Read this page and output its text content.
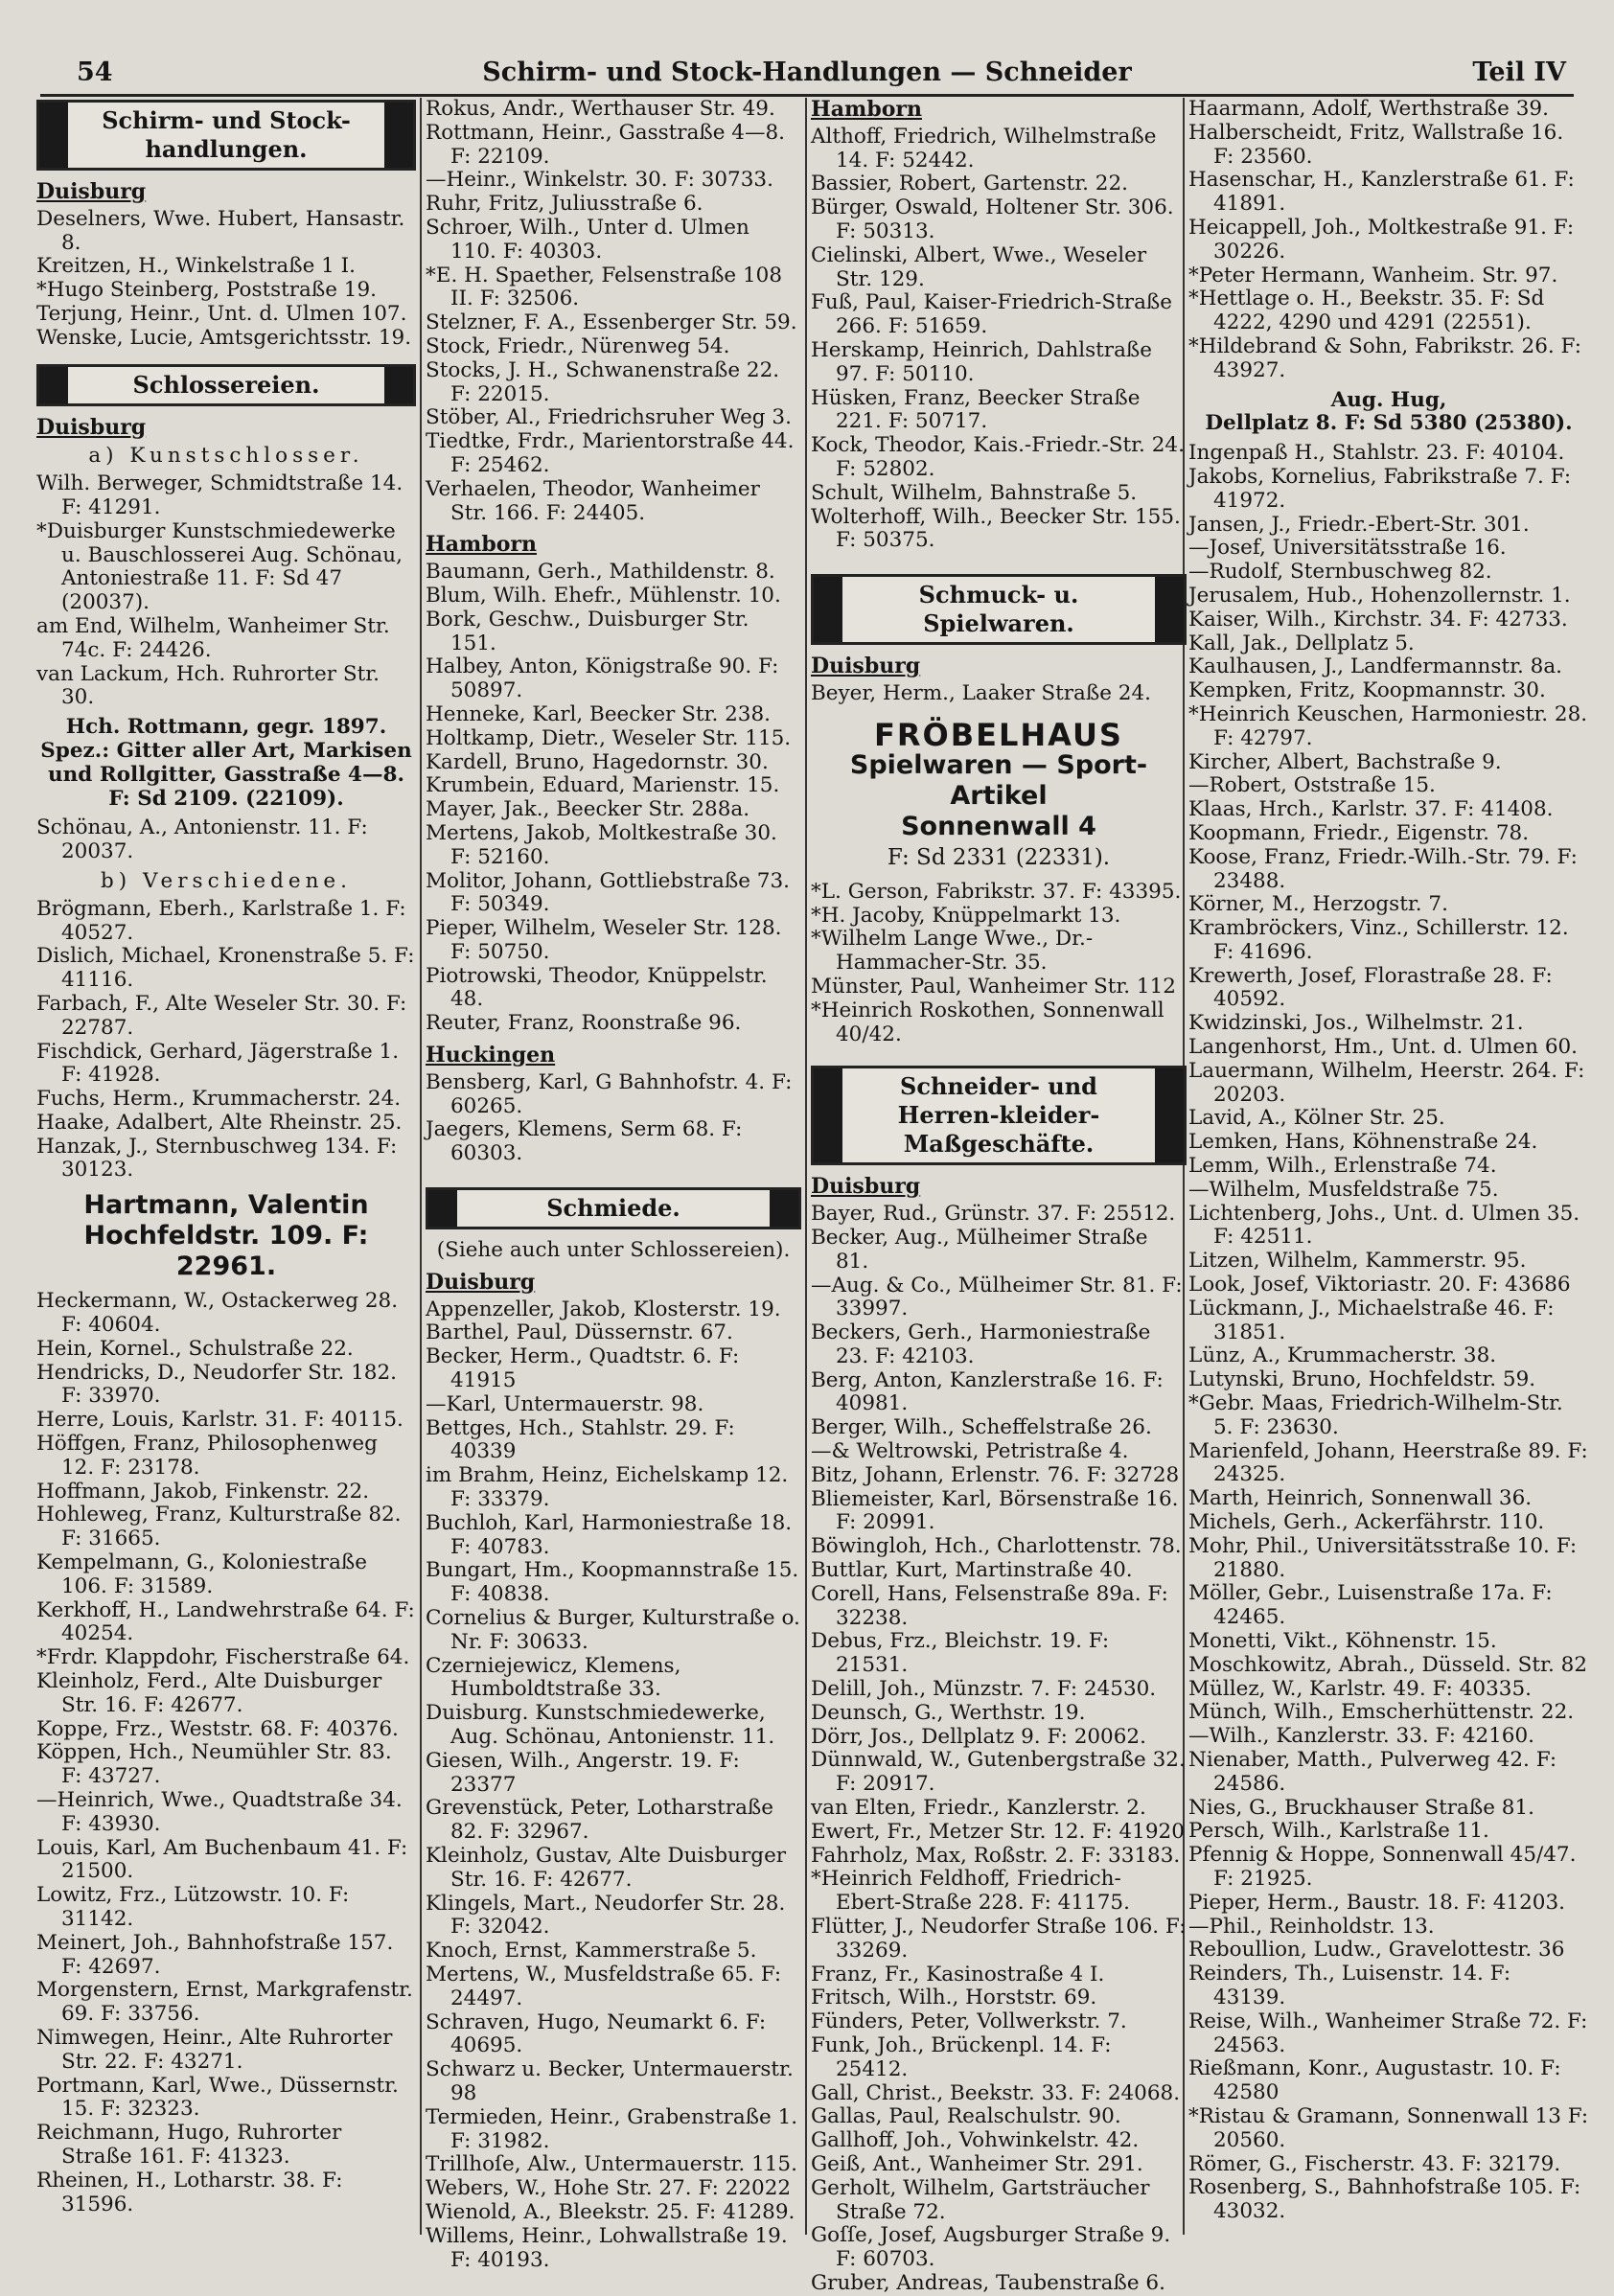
54	Schirm- und Stock-Handlungen — Schneider	Teil IV
Schirm- und Stock-handlungen.
Duisburg

Deselners, Wwe. Hubert, Hansastr. 8.

Kreitzen, H., Winkelstraße 1 I.

*Hugo Steinberg, Poststraße 19.

Terjung, Heinr., Unt. d. Ulmen 107.

Wenske, Lucie, Amtsgerichtsstr. 19.

Schlossereien.
Duisburg
a) Kunstschlosser.

Wilh. Berweger, Schmidtstraße 14. F: 41291.

*Duisburger Kunstschmiedewerke u. Bauschlosserei Aug. Schönau, Antoniestraße 11. F: Sd 47 (20037).

am End, Wilhelm, Wanheimer Str. 74c. F: 24426.

van Lackum, Hch. Ruhrorter Str. 30.

Hch. Rottmann, gegr. 1897.
Spez.: Gitter aller Art, Markisen und Rollgitter, Gasstraße 4—8.
F: Sd 2109. (22109).

Schönau, A., Antonienstr. 11. F: 20037.

b) Verschiedene.

Brögmann, Eberh., Karlstraße 1. F: 40527.

Dislich, Michael, Kronenstraße 5. F: 41116.

Farbach, F., Alte Weseler Str. 30. F: 22787.

Fischdick, Gerhard, Jägerstraße 1. F: 41928.

Fuchs, Herm., Krummacherstr. 24.

Haake, Adalbert, Alte Rheinstr. 25.

Hanzak, J., Sternbuschweg 134. F: 30123.

Hartmann, Valentin
Hochfeldstr. 109. F: 22961.

Heckermann, W., Ostackerweg 28. F: 40604.

Hein, Kornel., Schulstraße 22.

Hendricks, D., Neudorfer Str. 182. F: 33970.

Herre, Louis, Karlstr. 31. F: 40115.

Höffgen, Franz, Philosophenweg 12. F: 23178.

Hoffmann, Jakob, Finkenstr. 22.

Hohleweg, Franz, Kulturstraße 82. F: 31665.

Kempelmann, G., Koloniestraße 106. F: 31589.

Kerkhoff, H., Landwehrstraße 64. F: 40254.

*Frdr. Klappdohr, Fischerstraße 64.

Kleinholz, Ferd., Alte Duisburger Str. 16. F: 42677.

Koppe, Frz., Weststr. 68. F: 40376.

Köppen, Hch., Neumühler Str. 83. F: 43727.

—Heinrich, Wwe., Quadtstraße 34. F: 43930.

Louis, Karl, Am Buchenbaum 41. F: 21500.

Lowitz, Frz., Lützowstr. 10. F: 31142.

Meinert, Joh., Bahnhofstraße 157. F: 42697.

Morgenstern, Ernst, Markgrafenstr. 69. F: 33756.

Nimwegen, Heinr., Alte Ruhrorter Str. 22. F: 43271.

Portmann, Karl, Wwe., Düssernstr. 15. F: 32323.

Reichmann, Hugo, Ruhrorter Straße 161. F: 41323.

Rheinen, H., Lotharstr. 38. F: 31596.

Rokus, Andr., Werthauser Str. 49.

Rottmann, Heinr., Gasstraße 4—8. F: 22109.

—Heinr., Winkelstr. 30. F: 30733.

Ruhr, Fritz, Juliusstraße 6.

Schroer, Wilh., Unter d. Ulmen 110. F: 40303.

*E. H. Spaether, Felsenstraße 108 II. F: 32506.

Stelzner, F. A., Essenberger Str. 59.

Stock, Friedr., Nürenweg 54.

Stocks, J. H., Schwanenstraße 22. F: 22015.

Stöber, Al., Friedrichsruher Weg 3.

Tiedtke, Frdr., Marientorstraße 44. F: 25462.

Verhaelen, Theodor, Wanheimer Str. 166. F: 24405.

Hamborn

Baumann, Gerh., Mathildenstr. 8.

Blum, Wilh. Ehefr., Mühlenstr. 10.

Bork, Geschw., Duisburger Str. 151.

Halbey, Anton, Königstraße 90. F: 50897.

Henneke, Karl, Beecker Str. 238.

Holtkamp, Dietr., Weseler Str. 115.

Kardell, Bruno, Hagedornstr. 30.

Krumbein, Eduard, Marienstr. 15.

Mayer, Jak., Beecker Str. 288a.

Mertens, Jakob, Moltkestraße 30. F: 52160.

Molitor, Johann, Gottliebstraße 73. F: 50349.

Pieper, Wilhelm, Weseler Str. 128. F: 50750.

Piotrowski, Theodor, Knüppelstr. 48.

Reuter, Franz, Roonstraße 96.

Huckingen

Bensberg, Karl, G Bahnhofstr. 4. F: 60265.

Jaegers, Klemens, Serm 68. F: 60303.

Schmiede.
(Siehe auch unter Schlossereien).
Duisburg

Appenzeller, Jakob, Klosterstr. 19.

Barthel, Paul, Düssernstr. 67.

Becker, Herm., Quadtstr. 6. F: 41915

—Karl, Untermauerstr. 98.

Bettges, Hch., Stahlstr. 29. F: 40339

im Brahm, Heinz, Eichelskamp 12. F: 33379.

Buchloh, Karl, Harmoniestraße 18. F: 40783.

Bungart, Hm., Koopmannstraße 15. F: 40838.

Cornelius & Burger, Kulturstraße o. Nr. F: 30633.

Czerniejewicz, Klemens, Humboldtstraße 33.

Duisburg. Kunstschmiedewerke, Aug. Schönau, Antonienstr. 11.

Giesen, Wilh., Angerstr. 19. F: 23377

Grevenstück, Peter, Lotharstraße 82. F: 32967.

Kleinholz, Gustav, Alte Duisburger Str. 16. F: 42677.

Klingels, Mart., Neudorfer Str. 28. F: 32042.

Knoch, Ernst, Kammerstraße 5.

Mertens, W., Musfeldstraße 65. F: 24497.

Schraven, Hugo, Neumarkt 6. F: 40695.

Schwarz u. Becker, Untermauerstr. 98

Termieden, Heinr., Grabenstraße 1. F: 31982.

Trillhoſe, Alw., Untermauerstr. 115.

Webers, W., Hohe Str. 27. F: 22022

Wienold, A., Bleekstr. 25. F: 41289.

Willems, Heinr., Lohwallstraße 19. F: 40193.

Hamborn

Althoff, Friedrich, Wilhelmstraße 14. F: 52442.

Bassier, Robert, Gartenstr. 22.

Bürger, Oswald, Holtener Str. 306. F: 50313.

Cielinski, Albert, Wwe., Weseler Str. 129.

Fuß, Paul, Kaiser-Friedrich-Straße 266. F: 51659.

Herskamp, Heinrich, Dahlstraße 97. F: 50110.

Hüsken, Franz, Beecker Straße 221. F: 50717.

Kock, Theodor, Kais.-Friedr.-Str. 24. F: 52802.

Schult, Wilhelm, Bahnstraße 5.

Wolterhoff, Wilh., Beecker Str. 155. F: 50375.

Schmuck- u. Spielwaren.
Duisburg

Beyer, Herm., Laaker Straße 24.

FRÖBELHAUS
Spielwaren — Sport-Artikel
Sonnenwall 4
F: Sd 2331 (22331).

*L. Gerson, Fabrikstr. 37. F: 43395.

*H. Jacoby, Knüppelmarkt 13.

*Wilhelm Lange Wwe., Dr.-Hammacher-Str. 35.

Münster, Paul, Wanheimer Str. 112

*Heinrich Roskothen, Sonnenwall 40/42.

Schneider- und Herren-kleider-Maßgeschäfte.
Duisburg

Bayer, Rud., Grünstr. 37. F: 25512.

Becker, Aug., Mülheimer Straße 81.

—Aug. & Co., Mülheimer Str. 81. F: 33997.

Beckers, Gerh., Harmoniestraße 23. F: 42103.

Berg, Anton, Kanzlerstraße 16. F: 40981.

Berger, Wilh., Scheffelstraße 26.

—& Weltrowski, Petristraße 4.

Bitz, Johann, Erlenstr. 76. F: 32728

Bliemeister, Karl, Börsenstraße 16. F: 20991.

Böwingloh, Hch., Charlottenstr. 78.

Buttlar, Kurt, Martinstraße 40.

Corell, Hans, Felsenstraße 89a. F: 32238.

Debus, Frz., Bleichstr. 19. F: 21531.

Delill, Joh., Münzstr. 7. F: 24530.

Deunsch, G., Werthstr. 19.

Dörr, Jos., Dellplatz 9. F: 20062.

Dünnwald, W., Gutenbergstraße 32. F: 20917.

van Elten, Friedr., Kanzlerstr. 2.

Ewert, Fr., Metzer Str. 12. F: 41920

Fahrholz, Max, Roßstr. 2. F: 33183.

*Heinrich Feldhoff, Friedrich-Ebert-Straße 228. F: 41175.

Flütter, J., Neudorfer Straße 106. F: 33269.

Franz, Fr., Kasinostraße 4 I.

Fritsch, Wilh., Horststr. 69.

Fünders, Peter, Vollwerkstr. 7.

Funk, Joh., Brückenpl. 14. F: 25412.

Gall, Christ., Beekstr. 33. F: 24068.

Gallas, Paul, Realschulstr. 90.

Gallhoff, Joh., Vohwinkelstr. 42.

Geiß, Ant., Wanheimer Str. 291.

Gerholt, Wilhelm, Gartsträucher Straße 72.

Goſſe, Josef, Augsburger Straße 9. F: 60703.

Gruber, Andreas, Taubenstraße 6.

Haarmann, Adolf, Werthstraße 39.

Halberscheidt, Fritz, Wallstraße 16. F: 23560.

Hasenschar, H., Kanzlerstraße 61. F: 41891.

Heicappell, Joh., Moltkestraße 91. F: 30226.

*Peter Hermann, Wanheim. Str. 97.

*Hettlage o. H., Beekstr. 35. F: Sd 4222, 4290 und 4291 (22551).

*Hildebrand & Sohn, Fabrikstr. 26. F: 43927.

Aug. Hug,
Dellplatz 8. F: Sd 5380 (25380).

Ingenpaß H., Stahlstr. 23. F: 40104.

Jakobs, Kornelius, Fabrikstraße 7. F: 41972.

Jansen, J., Friedr.-Ebert-Str. 301.

—Josef, Universitätsstraße 16.

—Rudolf, Sternbuschweg 82.

Jerusalem, Hub., Hohenzollernstr. 1.

Kaiser, Wilh., Kirchstr. 34. F: 42733.

Kall, Jak., Dellplatz 5.

Kaulhausen, J., Landfermannstr. 8a.

Kempken, Fritz, Koopmannstr. 30.

*Heinrich Keuschen, Harmoniestr. 28. F: 42797.

Kircher, Albert, Bachstraße 9.

—Robert, Oststraße 15.

Klaas, Hrch., Karlstr. 37. F: 41408.

Koopmann, Friedr., Eigenstr. 78.

Koose, Franz, Friedr.-Wilh.-Str. 79. F: 23488.

Körner, M., Herzogstr. 7.

Krambröckers, Vinz., Schillerstr. 12. F: 41696.

Krewerth, Josef, Florastraße 28. F: 40592.

Kwidzinski, Jos., Wilhelmstr. 21.

Langenhorst, Hm., Unt. d. Ulmen 60.

Lauermann, Wilhelm, Heerstr. 264. F: 20203.

Lavid, A., Kölner Str. 25.

Lemken, Hans, Köhnenstraße 24.

Lemm, Wilh., Erlenstraße 74.

—Wilhelm, Musfeldstraße 75.

Lichtenberg, Johs., Unt. d. Ulmen 35. F: 42511.

Litzen, Wilhelm, Kammerstr. 95.

Look, Josef, Viktoriastr. 20. F: 43686

Lückmann, J., Michaelstraße 46. F: 31851.

Lünz, A., Krummacherstr. 38.

Lutynski, Bruno, Hochfeldstr. 59.

*Gebr. Maas, Friedrich-Wilhelm-Str. 5. F: 23630.

Marienfeld, Johann, Heerstraße 89. F: 24325.

Marth, Heinrich, Sonnenwall 36.

Michels, Gerh., Ackerfährstr. 110.

Mohr, Phil., Universitätsstraße 10. F: 21880.

Möller, Gebr., Luisenstraße 17a. F: 42465.

Monetti, Vikt., Köhnenstr. 15.

Moschkowitz, Abrah., Düsseld. Str. 82

Müllez, W., Karlstr. 49. F: 40335.

Münch, Wilh., Emscherhüttenstr. 22.

—Wilh., Kanzlerstr. 33. F: 42160.

Nienaber, Matth., Pulverweg 42. F: 24586.

Nies, G., Bruckhauser Straße 81.

Persch, Wilh., Karlstraße 11.

Pfennig & Hoppe, Sonnenwall 45/47. F: 21925.

Pieper, Herm., Baustr. 18. F: 41203.

—Phil., Reinholdstr. 13.

Reboullion, Ludw., Gravelottestr. 36

Reinders, Th., Luisenstr. 14. F: 43139.

Reise, Wilh., Wanheimer Straße 72. F: 24563.

Rießmann, Konr., Augustastr. 10. F: 42580

*Ristau & Gramann, Sonnenwall 13 F: 20560.

Römer, G., Fischerstr. 43. F: 32179.

Rosenberg, S., Bahnhofstraße 105. F: 43032.
